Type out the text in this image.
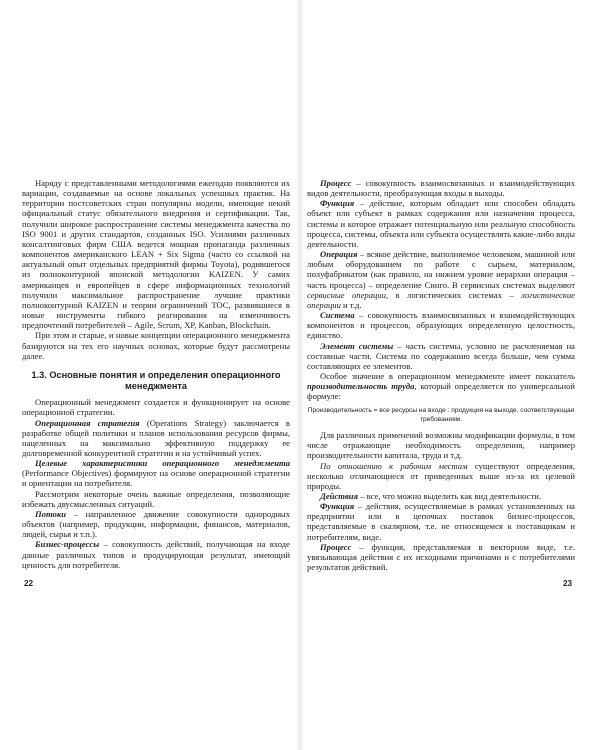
Наряду с представленными методологиями ежегодно появляются их вариации, создаваемые на основе локальных успешных практик. На территории постсоветских стран популярны модели, имеющие некий официальный статус обязательного внедрения и сертификации. Так, получили широкое распространение системы менеджмента качества по ISO 9001 и других стандартов, созданных ISO. Усилиями различных консалтинговых фирм США ведется мощная пропаганда различных компонентов американского LEAN + Six Sigma (часто со ссылкой на актуальный опыт отдельных предприятий фирмы Toyota), родившегося из полноконтурной японской методологии KAIZEN. У самих американцев и европейцев в сфере информационных технологий получили максимальное распространение лучшие практики полноконтурной KAIZEN и теории ограничений TOC, развившиеся в новые инструменты гибкого реагирования на изменчивость предпочтений потребителей – Agile, Scrum, XP, Kanban, Blockchain.

При этом и старые, и новые концепции операционного менеджмента базируются на тех его научных основах, которые будут рассмотрены далее.

1.3. Основные понятия и определения операционного менеджмента

Операционный менеджмент создается и функционирует на основе операционной стратегии.

Операционная стратегия (Operations Strategy) заключается в разработке общей политики и планов использования ресурсов фирмы, нацеленных на максимально эффективную поддержку ее долговременной конкурентной стратегии и на устойчивый успех.

Целевые характеристики операционного менеджмента (Performance Objectives) формируют на основе операционной стратегии и ориентации на потребителя.

Рассмотрим некоторые очень важные определения, позволяющие избежать двусмысленных ситуаций.

Потоки – направленное движение совокупности однородных объектов (например, продукции, информации, финансов, материалов, людей, сырья и т.п.).

Бизнес-процессы – совокупность действий, получающая на входе данные различных типов и продуцирующая результат, имеющий ценность для потребителя.

Процесс – совокупность взаимосвязанных и взаимодействующих видов деятельности, преобразующая входы в выходы.

Функция – действие, которым обладает или способен обладать объект или субъект в рамках содержания или назначения процесса, системы и которое отражает потенциальную или реальную способность процесса, системы, объекта или субъекта осуществлять какие-либо виды деятельности.

Операция – всякое действие, выполняемое человеком, машиной или любым оборудованием по работе с сырьем, материалом, полуфабрикатом (как правило, на нижнем уровне иерархии операция – часть процесса) – определение Синго. В сервисных системах выделяют сервисные операции, в логистических системах – логистические операции и т.д.

Система – совокупность взаимосвязанных и взаимодействующих компонентов и процессов, образующих определенную целостность, единство.

Элемент системы – часть системы, условно не расчленяемая на составные части. Система по содержанию всегда больше, чем сумма составляющих ее элементов.

Особое значение в операционном менеджменте имеет показатель производительность труда, который определяется по универсальной формуле:

Производительность = все ресурсы на входе : продукция на выходе, соответствующая требованиям.

Для различных применений возможны модификации формулы, в том числе отражающие необходимость определения, например производительности капитала, труда и т.д.

По отношению к рабочим местам существуют определения, несколько отличающиеся от приведенных выше из-за их целевой природы.

Действия – все, что можно выделить как вид деятельности.

Функция – действия, осуществляемые в рамках установленных на предприятии или в цепочках поставок бизнес-процессов, представляемые в скалярном, т.е. не относящемся к поставщикам и потребителям, виде.

Процесс – функция, представляемая в векторном виде, т.е. увязывающая действия с их исходными причинами и с потребителями результатов действий.

22	23
